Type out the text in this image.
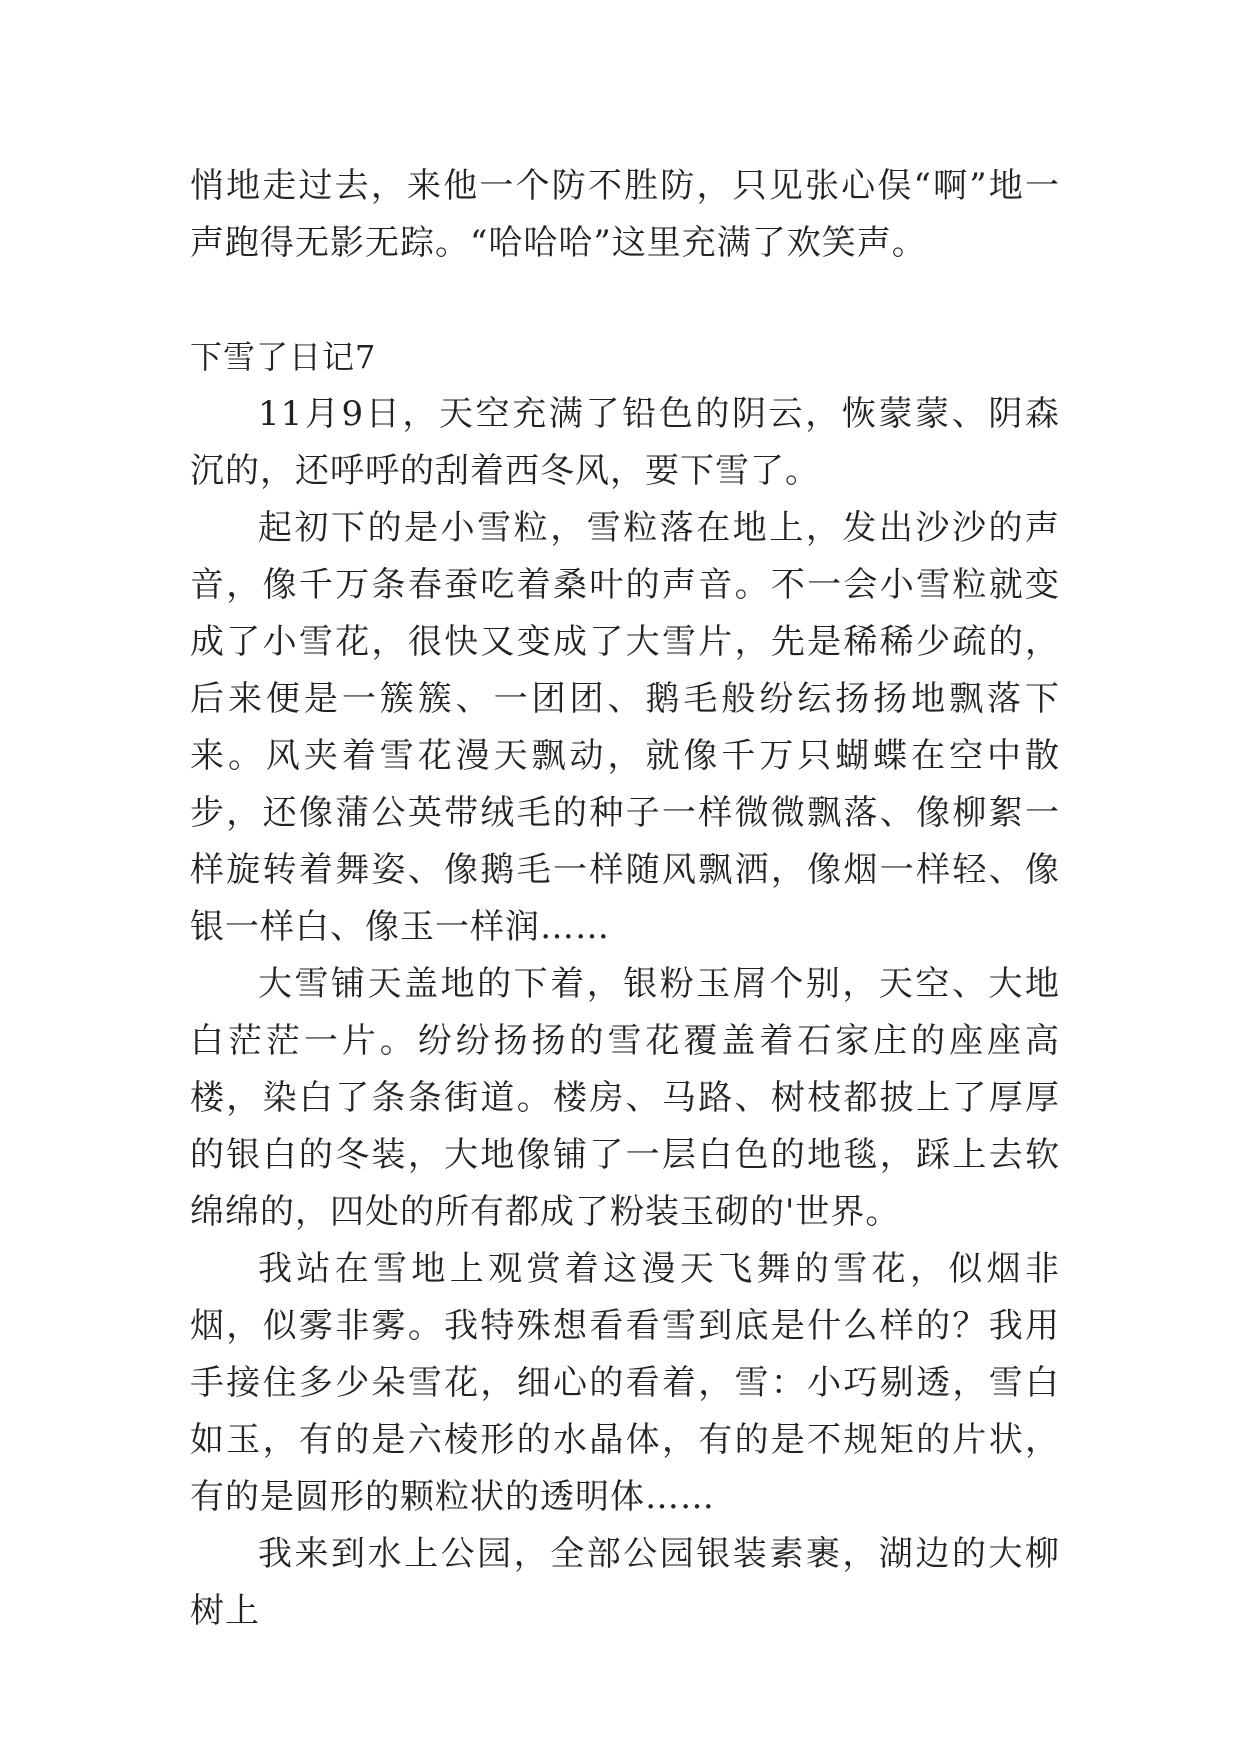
悄地走过去，来他一个防不胜防，只见张心俣“啊”地一声跑得无影无踪。“哈哈哈”这里充满了欢笑声。

下雪了日记7

11月9日，天空充满了铅色的阴云，恢蒙蒙、阴森沉的，还呼呼的刮着西冬风，要下雪了。

起初下的是小雪粒，雪粒落在地上，发出沙沙的声音，像千万条春蚕吃着桑叶的声音。不一会小雪粒就变成了小雪花，很快又变成了大雪片，先是稀稀少疏的，后来便是一簇簇、一团团、鹅毛般纷纭扬扬地飘落下来。风夹着雪花漫天飘动，就像千万只蝴蝶在空中散步，还像蒲公英带绒毛的种子一样微微飘落、像柳絮一样旋转着舞姿、像鹅毛一样随风飘洒，像烟一样轻、像银一样白、像玉一样润……

大雪铺天盖地的下着，银粉玉屑个别，天空、大地白茫茫一片。纷纷扬扬的雪花覆盖着石家庄的座座高楼，染白了条条街道。楼房、马路、树枝都披上了厚厚的银白的冬装，大地像铺了一层白色的地毯，踩上去软绵绵的，四处的所有都成了粉装玉砌的'世界。

我站在雪地上观赏着这漫天飞舞的雪花，似烟非烟，似雾非雾。我特殊想看看雪到底是什么样的？我用手接住多少朵雪花，细心的看着，雪：小巧剔透，雪白如玉，有的是六棱形的水晶体，有的是不规矩的片状，有的是圆形的颗粒状的透明体……

我来到水上公园，全部公园银装素裹，湖边的大柳树上
